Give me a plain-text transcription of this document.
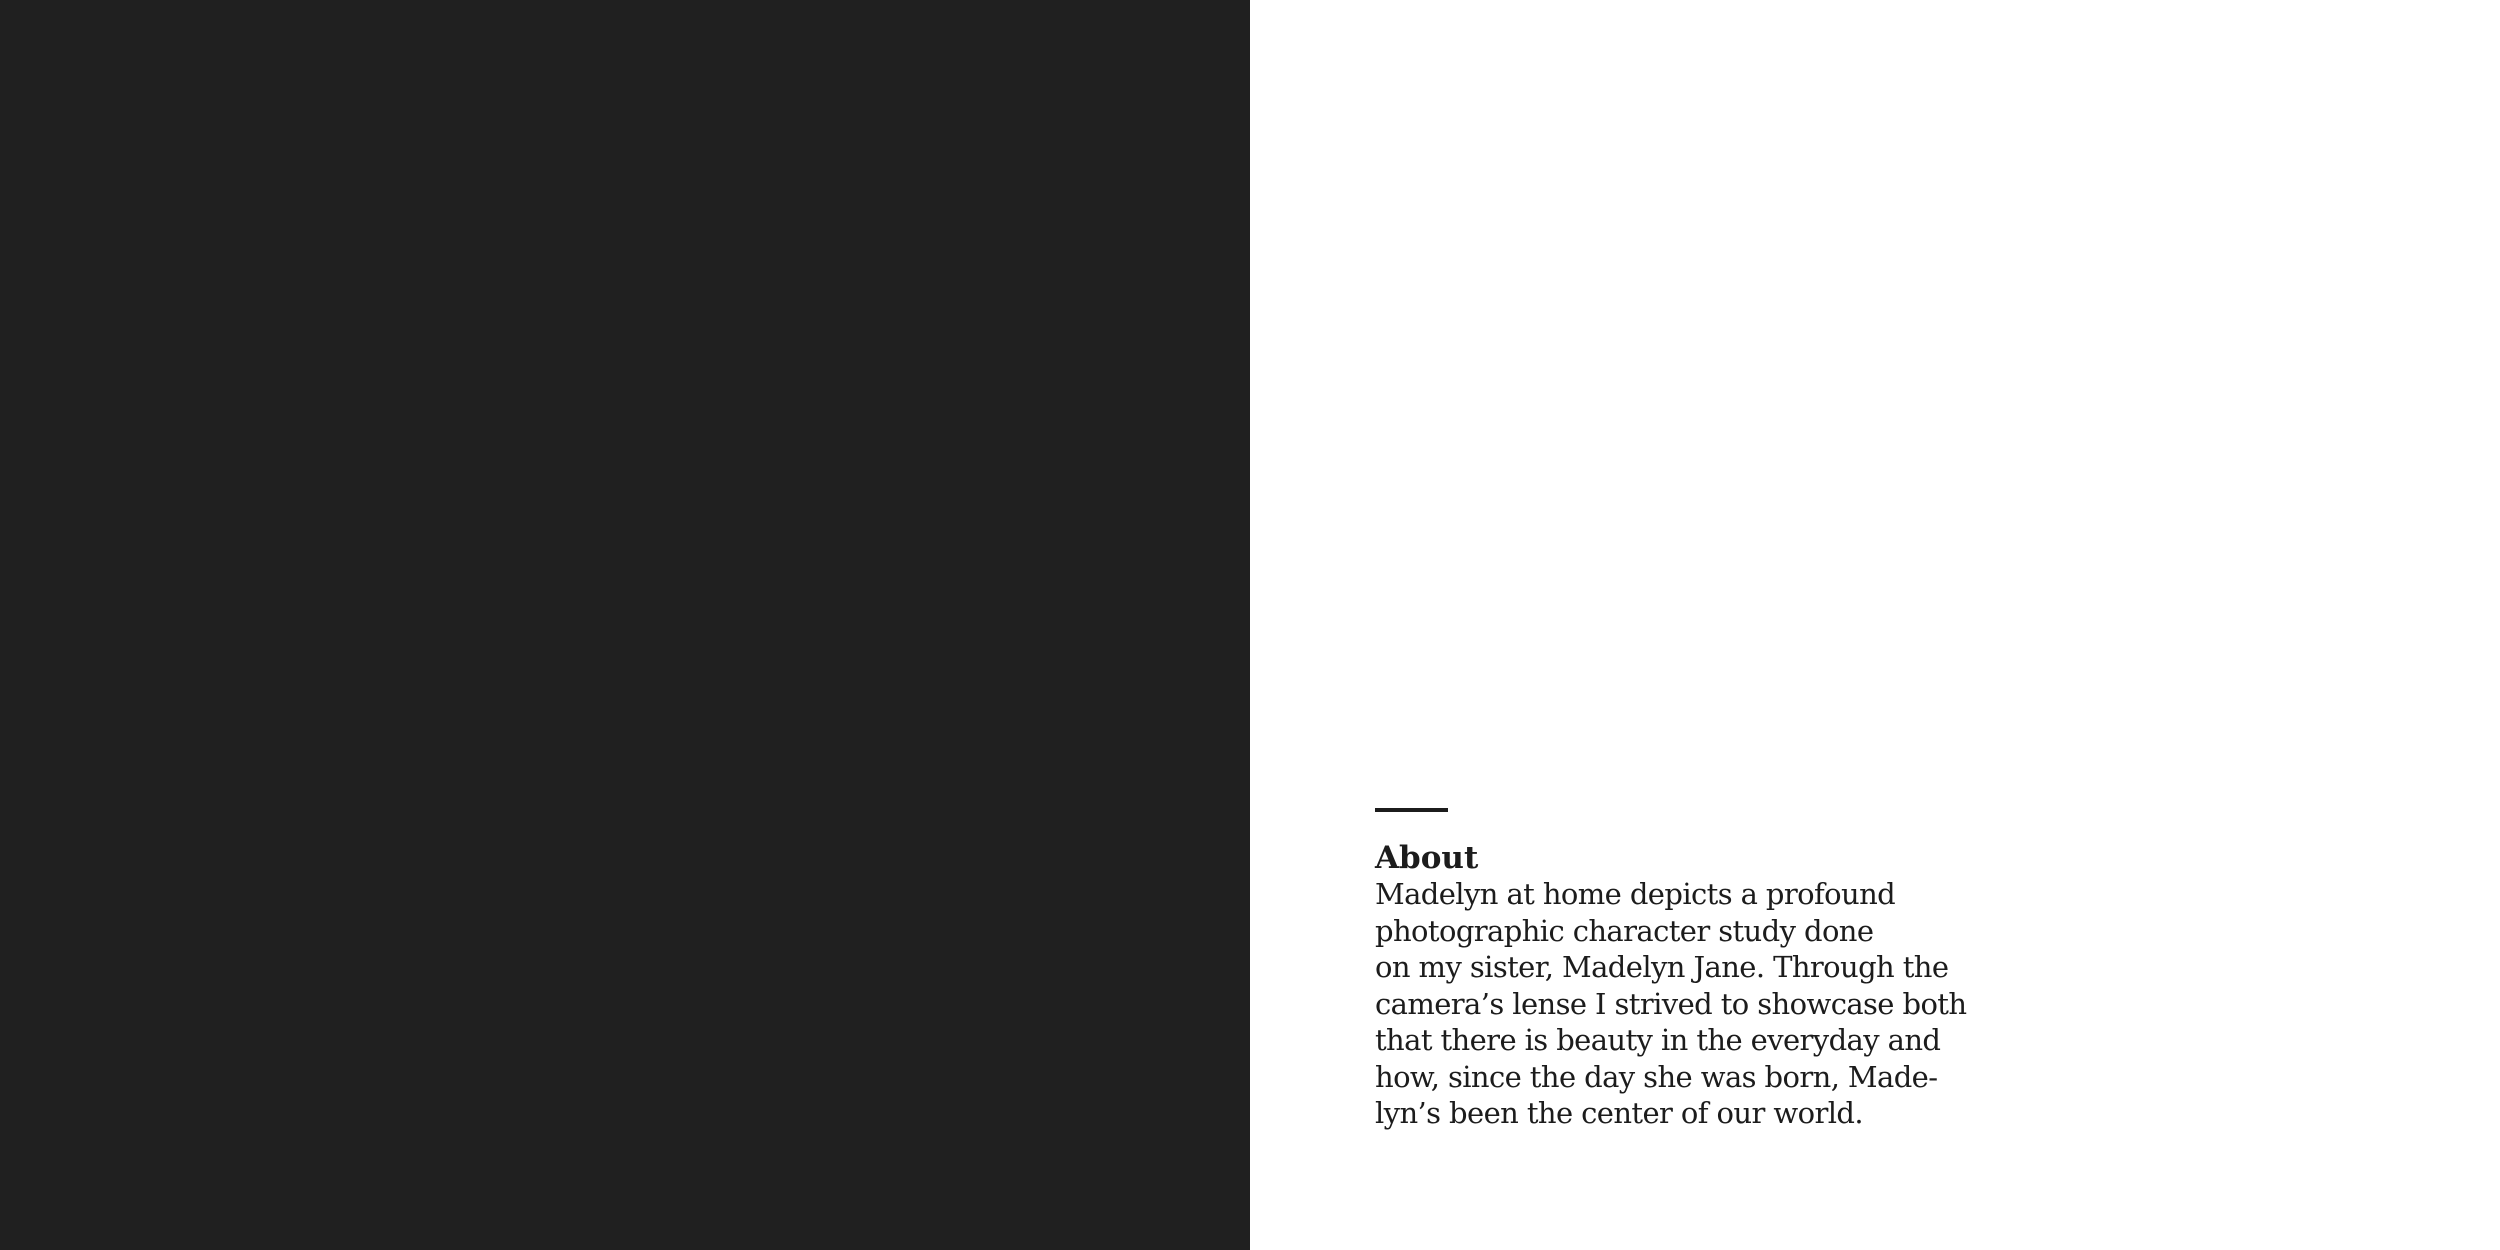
About

Madelyn at home depicts a profound
photographic character study done
on my sister, Madelyn Jane. Through the
camera’s lense I strived to showcase both
that there is beauty in the everyday and
how, since the day she was born, Made-
lyn’s been the center of our world.
